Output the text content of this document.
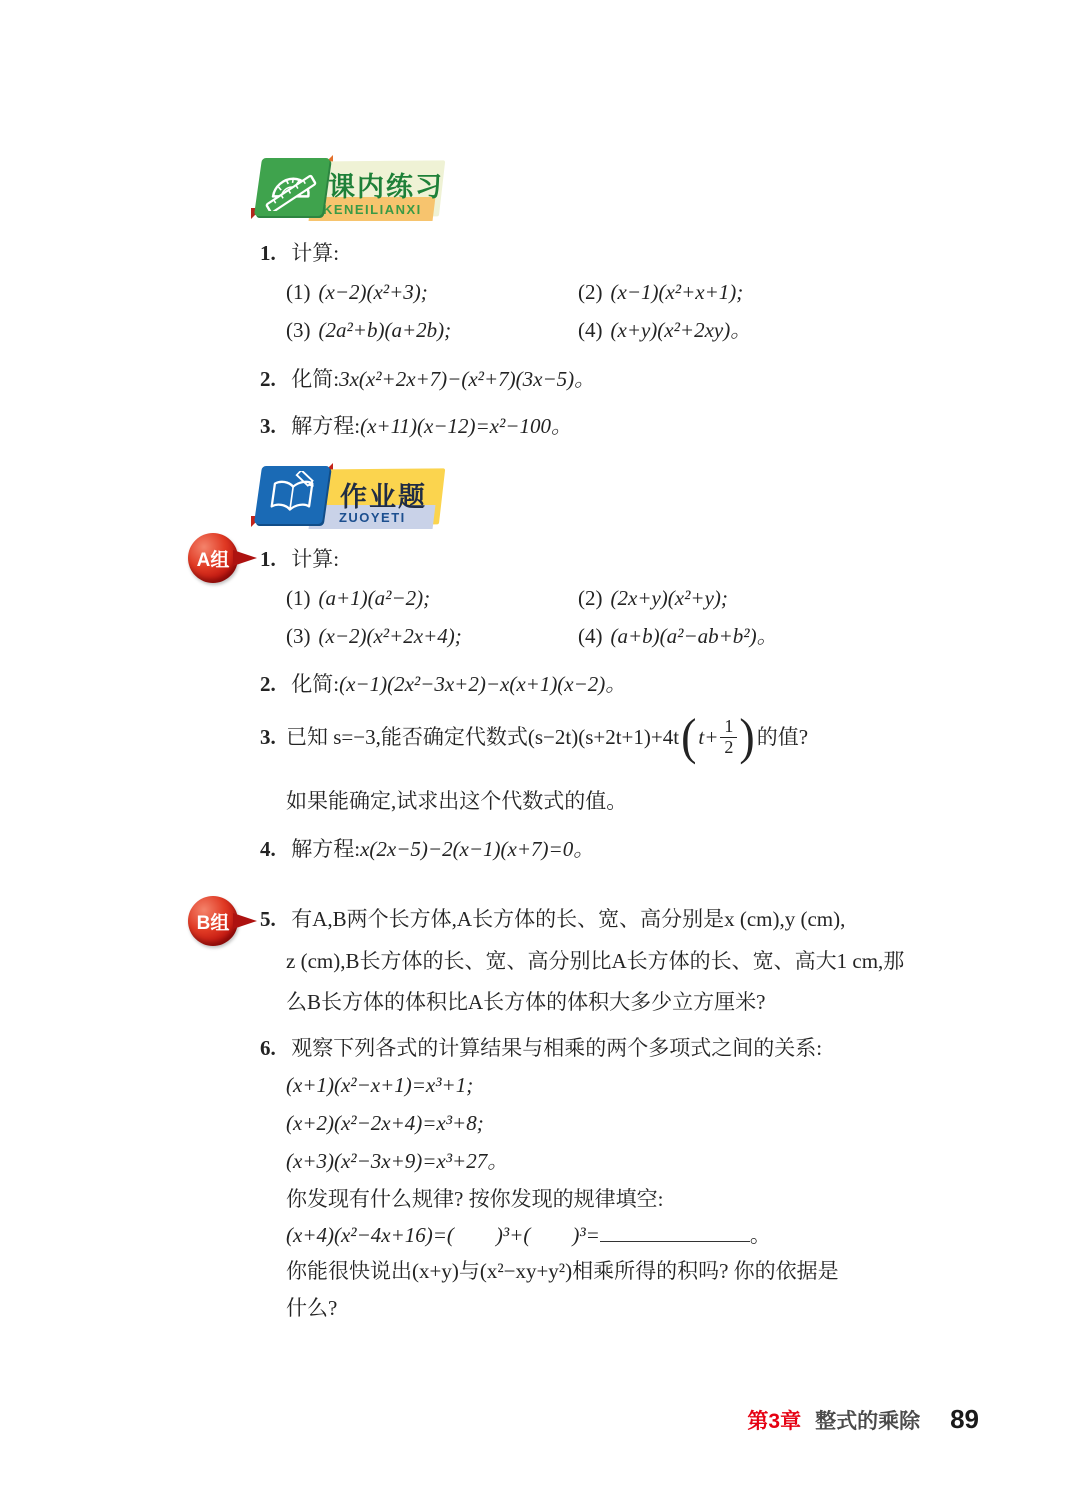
KENEILIANXI
课内练习
1. 计算:
(1) (x−2)(x²+3);	(2) (x−1)(x²+x+1);
(3) (2a²+b)(a+2b);	(4) (x+y)(x²+2xy)。
2. 化简:3x(x²+2x+7)−(x²+7)(3x−5)。
3. 解方程:(x+11)(x−12)=x²−100。
ZUOYETI
作业题
A组 1. 计算:
(1) (a+1)(a²−2);	(2) (2x+y)(x²+y);
(3) (x−2)(x²+2x+4);	(4) (a+b)(a²−ab+b²)。
2. 化简:(x−1)(2x²−3x+2)−x(x+1)(x−2)。
3. 已知 s=−3,能否确定代数式(s−2t)(s+2t+1)+4t ( $t+ \frac{1}{2}$ ) 的值?
如果能确定,试求出这个代数式的值。
4. 解方程:x(2x−5)−2(x−1)(x+7)=0。
B组 5. 有A,B两个长方体,A长方体的长、宽、高分别是x (cm),y (cm),
z (cm),B长方体的长、宽、高分别比A长方体的长、宽、高大1 cm,那
么B长方体的体积比A长方体的体积大多少立方厘米?
6. 观察下列各式的计算结果与相乘的两个多项式之间的关系:
(x+1)(x²−x+1)=x³+1;
(x+2)(x²−2x+4)=x³+8;
(x+3)(x²−3x+9)=x³+27。
你发现有什么规律? 按你发现的规律填空:
(x+4)(x²−4x+16)=(　　)³+(　　)³=	。
你能很快说出(x+y)与(x²−xy+y²)相乘所得的积吗? 你的依据是
什么?
第3章 整式的乘除 89
